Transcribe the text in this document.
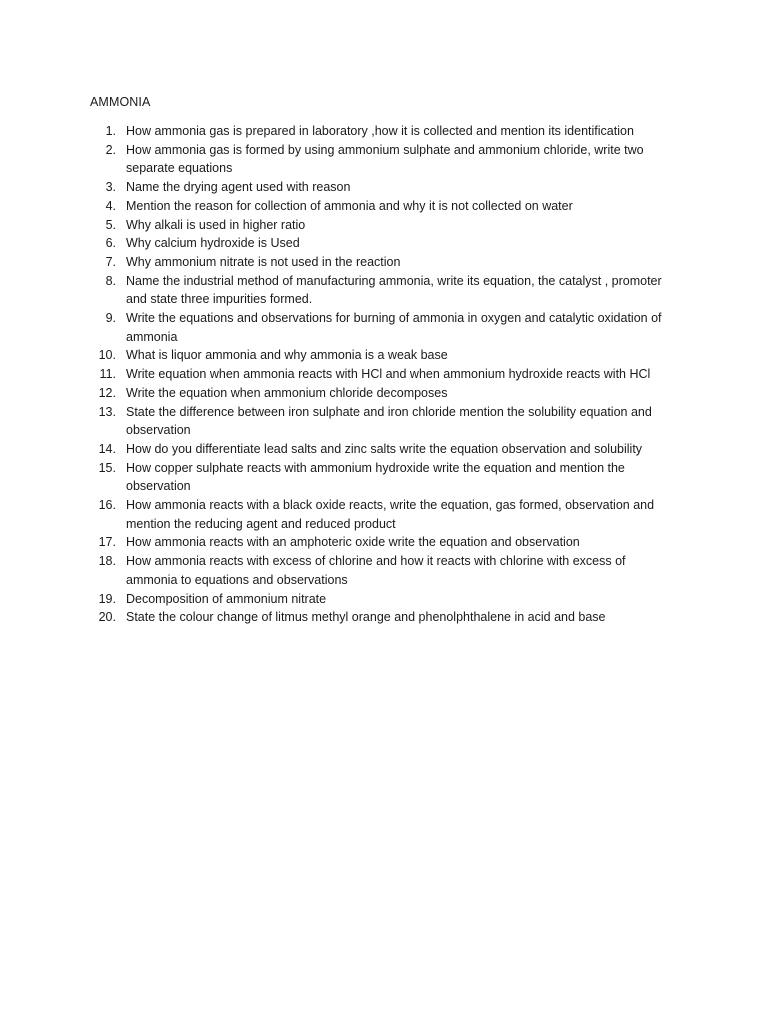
AMMONIA
1. How ammonia gas is prepared in laboratory ,how it is collected and mention its identification
2. How ammonia gas is formed by using ammonium sulphate and ammonium chloride, write two separate equations
3. Name the drying agent used with reason
4. Mention the reason for collection of ammonia and why it is not collected on water
5. Why alkali is used in higher ratio
6. Why calcium hydroxide is Used
7. Why ammonium nitrate is not used in the reaction
8. Name the industrial method of manufacturing ammonia, write its equation, the catalyst , promoter and state three impurities formed.
9. Write the equations and observations for burning of ammonia in oxygen and catalytic oxidation of ammonia
10. What is liquor ammonia and why ammonia is a weak base
11. Write equation when ammonia reacts with HCl and when ammonium hydroxide reacts with HCl
12. Write the equation when ammonium chloride decomposes
13. State the difference between iron sulphate and iron chloride mention the solubility equation and observation
14. How do you differentiate lead salts and zinc salts write the equation observation and solubility
15. How copper sulphate reacts with ammonium hydroxide write the equation and mention the observation
16. How ammonia reacts with a black oxide reacts, write the equation, gas formed, observation and mention the reducing agent and reduced product
17. How ammonia reacts with an amphoteric oxide write the equation and observation
18. How ammonia reacts with excess of chlorine and how it reacts with chlorine with excess of ammonia to equations and observations
19. Decomposition of ammonium nitrate
20. State the colour change of litmus methyl orange and phenolphthalene in acid and base
